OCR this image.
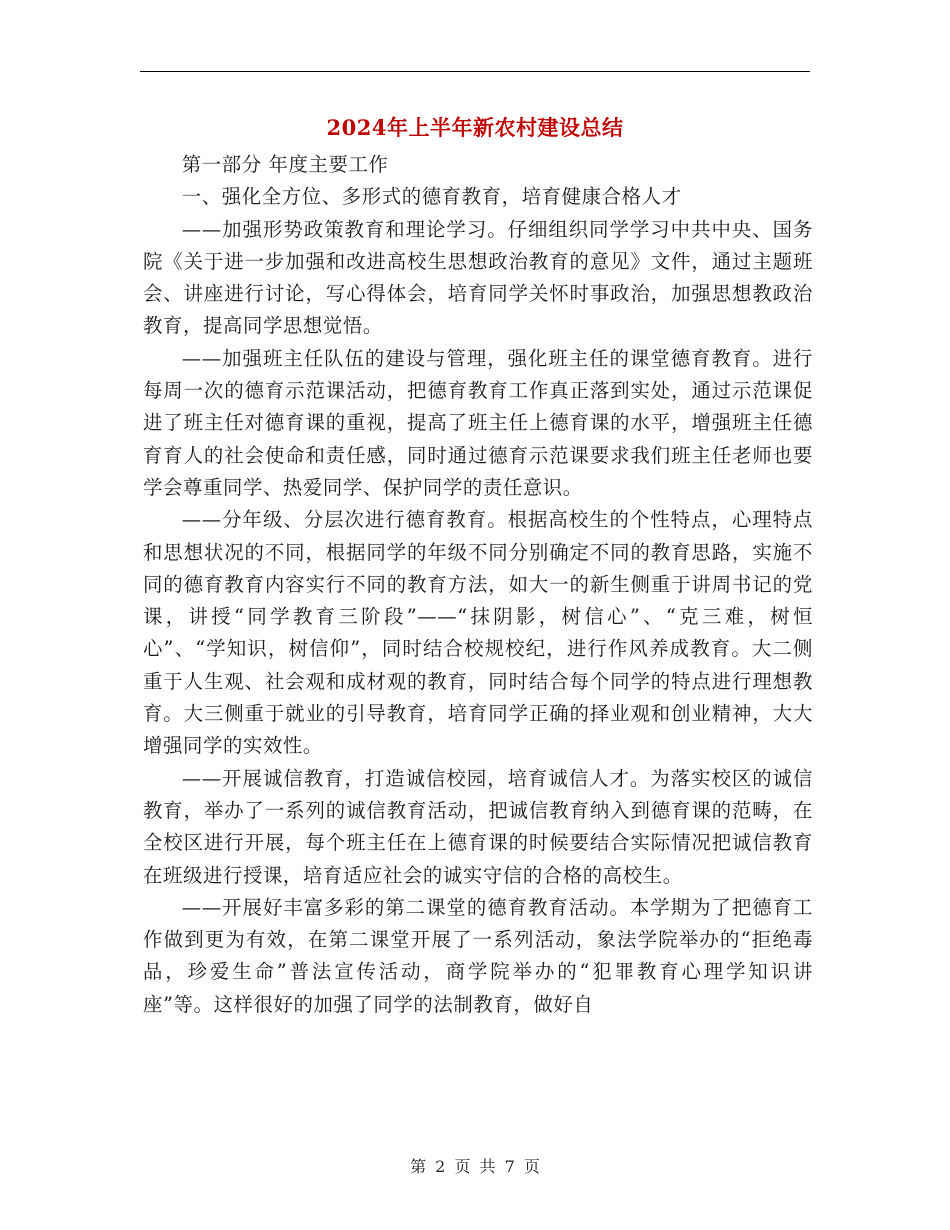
2024年上半年新农村建设总结

第一部分 年度主要工作

一、强化全方位、多形式的德育教育，培育健康合格人才

——加强形势政策教育和理论学习。仔细组织同学学习中共中央、国务院《关于进一步加强和改进高校生思想政治教育的意见》文件，通过主题班会、讲座进行讨论，写心得体会，培育同学关怀时事政治，加强思想教政治教育，提高同学思想觉悟。

——加强班主任队伍的建设与管理，强化班主任的课堂德育教育。进行每周一次的德育示范课活动，把德育教育工作真正落到实处，通过示范课促进了班主任对德育课的重视，提高了班主任上德育课的水平，增强班主任德育育人的社会使命和责任感，同时通过德育示范课要求我们班主任老师也要学会尊重同学、热爱同学、保护同学的责任意识。

——分年级、分层次进行德育教育。根据高校生的个性特点，心理特点和思想状况的不同，根据同学的年级不同分别确定不同的教育思路，实施不同的德育教育内容实行不同的教育方法，如大一的新生侧重于讲周书记的党课，讲授“同学教育三阶段”——“抹阴影，树信心”、“克三难，树恒心”、“学知识，树信仰”，同时结合校规校纪，进行作风养成教育。大二侧重于人生观、社会观和成材观的教育，同时结合每个同学的特点进行理想教育。大三侧重于就业的引导教育，培育同学正确的择业观和创业精神，大大增强同学的实效性。

——开展诚信教育，打造诚信校园，培育诚信人才。为落实校区的诚信教育，举办了一系列的诚信教育活动，把诚信教育纳入到德育课的范畴，在全校区进行开展，每个班主任在上德育课的时候要结合实际情况把诚信教育在班级进行授课，培育适应社会的诚实守信的合格的高校生。

——开展好丰富多彩的第二课堂的德育教育活动。本学期为了把德育工作做到更为有效，在第二课堂开展了一系列活动，象法学院举办的“拒绝毒品，珍爱生命”普法宣传活动，商学院举办的“犯罪教育心理学知识讲座”等。这样很好的加强了同学的法制教育，做好自

第 2 页 共 7 页
